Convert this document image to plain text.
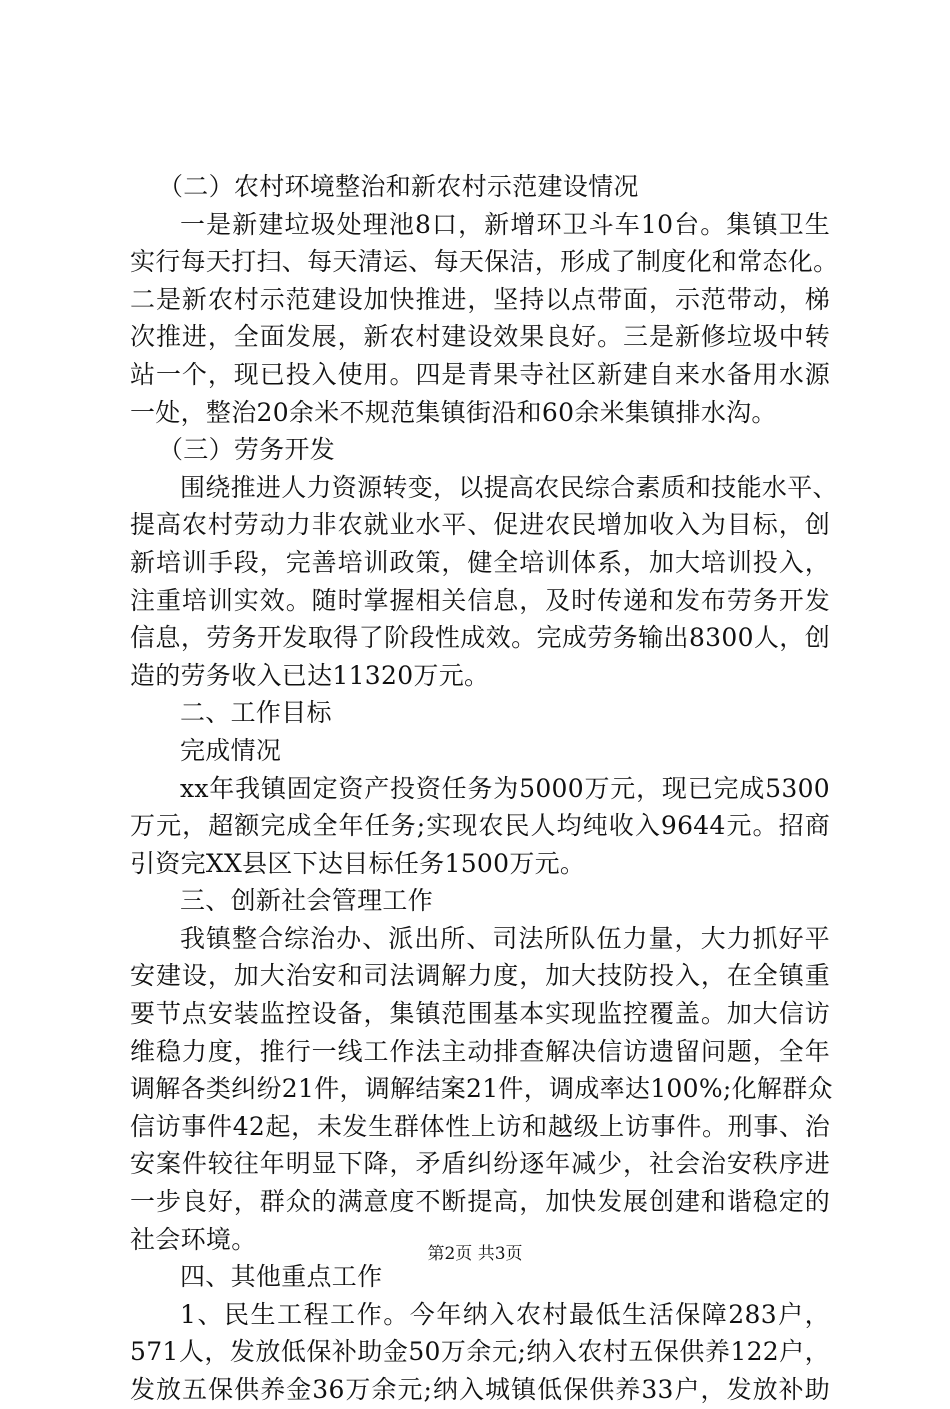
（二）农村环境整治和新农村示范建设情况
一是新建垃圾处理池8口，新增环卫斗车10台。集镇卫生
实行每天打扫、每天清运、每天保洁，形成了制度化和常态化。
二是新农村示范建设加快推进，坚持以点带面，示范带动，梯
次推进，全面发展，新农村建设效果良好。三是新修垃圾中转
站一个，现已投入使用。四是青果寺社区新建自来水备用水源
一处，整治20余米不规范集镇街沿和60余米集镇排水沟。
（三）劳务开发
围绕推进人力资源转变，以提高农民综合素质和技能水平、
提高农村劳动力非农就业水平、促进农民增加收入为目标，创
新培训手段，完善培训政策，健全培训体系，加大培训投入，
注重培训实效。随时掌握相关信息，及时传递和发布劳务开发
信息，劳务开发取得了阶段性成效。完成劳务输出8300人，创
造的劳务收入已达11320万元。
二、工作目标
完成情况
xx年我镇固定资产投资任务为5000万元，现已完成5300
万元，超额完成全年任务;实现农民人均纯收入9644元。招商
引资完XX县区下达目标任务1500万元。
三、创新社会管理工作
我镇整合综治办、派出所、司法所队伍力量，大力抓好平
安建设，加大治安和司法调解力度，加大技防投入，在全镇重
要节点安装监控设备，集镇范围基本实现监控覆盖。加大信访
维稳力度，推行一线工作法主动排查解决信访遗留问题，全年
调解各类纠纷21件，调解结案21件，调成率达100%;化解群众
信访事件42起，未发生群体性上访和越级上访事件。刑事、治
安案件较往年明显下降，矛盾纠纷逐年减少，社会治安秩序进
一步良好，群众的满意度不断提高，加快发展创建和谐稳定的
社会环境。
四、其他重点工作
1、民生工程工作。今年纳入农村最低生活保障283户，
571人，发放低保补助金50万余元;纳入农村五保供养122户，
发放五保供养金36万余元;纳入城镇低保供养33户，发放补助
第2页 共3页
